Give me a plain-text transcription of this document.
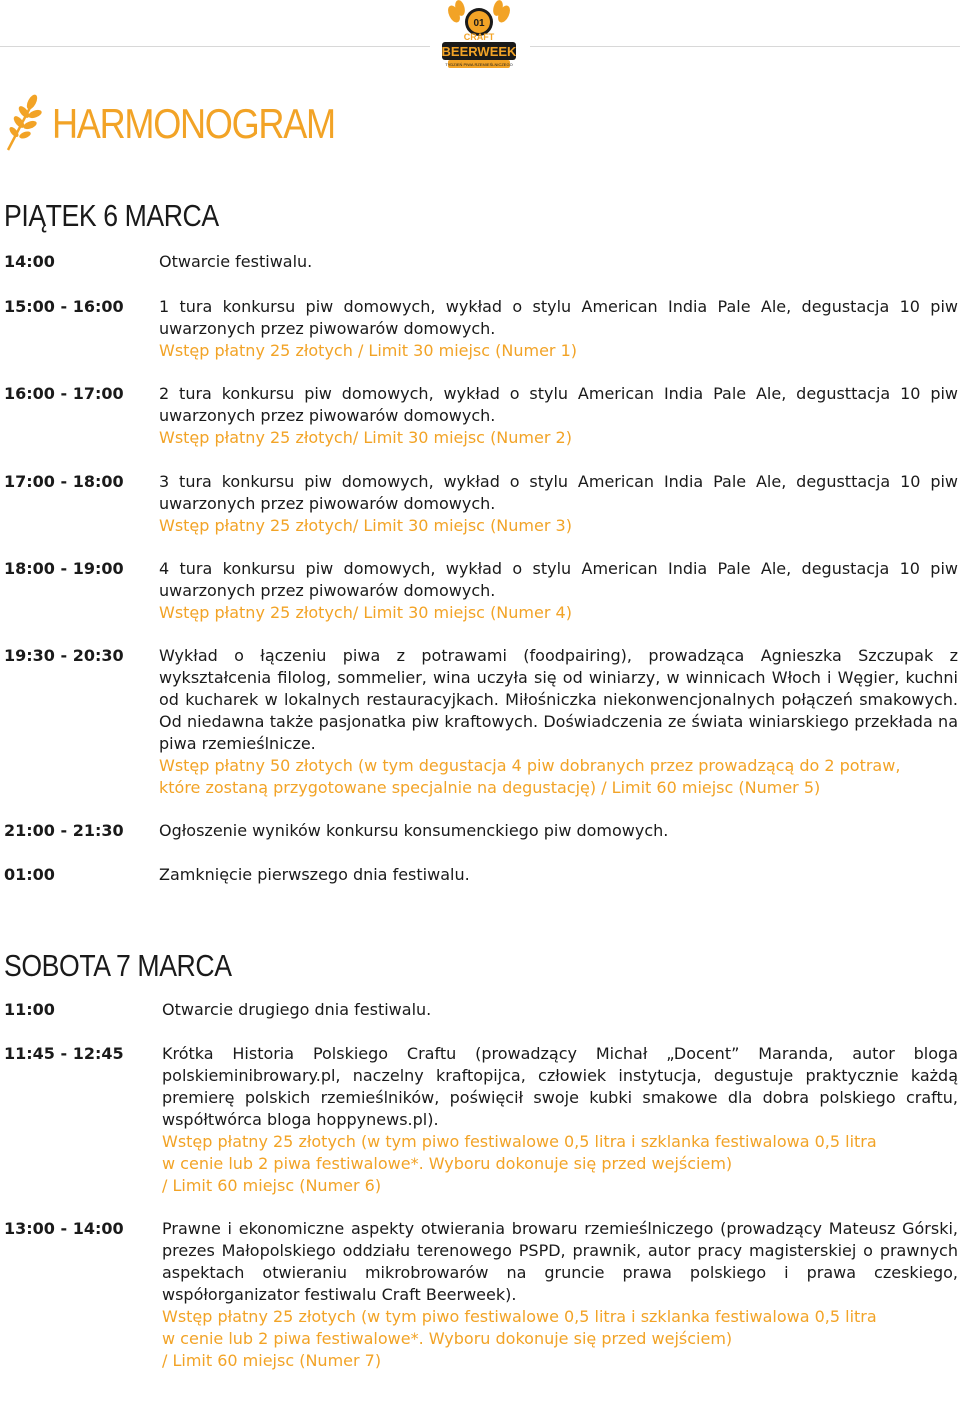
01
CRAFT
BEERWEEK
TYDZIEŃ PIWA RZEMIEŚLNICZEGO
HARMONOGRAM
PIĄTEK 6 MARCA
14:00	Otwarcie festiwalu.

15:00 - 16:00	1 tura konkursu piw domowych, wykład o stylu American India Pale Ale, degustacja 10 piw uwarzonych przez piwowarów domowych.

Wstęp płatny 25 złotych / Limit 30 miejsc (Numer 1)

16:00 - 17:00	2 tura konkursu piw domowych, wykład o stylu American India Pale Ale, degusttacja 10 piw uwarzonych przez piwowarów domowych.

Wstęp płatny 25 złotych/ Limit 30 miejsc (Numer 2)

17:00 - 18:00	3 tura konkursu piw domowych, wykład o stylu American India Pale Ale, degusttacja 10 piw uwarzonych przez piwowarów domowych.

Wstęp płatny 25 złotych/ Limit 30 miejsc (Numer 3)

18:00 - 19:00	4 tura konkursu piw domowych, wykład o stylu American India Pale Ale, degustacja 10 piw uwarzonych przez piwowarów domowych.

Wstęp płatny 25 złotych/ Limit 30 miejsc (Numer 4)

19:30 - 20:30	Wykład o łączeniu piwa z potrawami (foodpairing), prowadząca Agnieszka Szczupak z wykształcenia filolog, sommelier, wina uczyła się od winiarzy, w winnicach Włoch i Węgier, kuchni od kucharek w lokalnych restauracyjkach. Miłośniczka niekonwencjonalnych połączeń smakowych. Od niedawna także pasjonatka piw kraftowych. Doświadczenia ze świata winiarskiego przekłada na piwa rzemieślnicze.

Wstęp płatny 50 złotych (w tym degustacja 4 piw dobranych przez prowadzącą do 2 potraw,

które zostaną przygotowane specjalnie na degustację) / Limit 60 miejsc (Numer 5)

21:00 - 21:30	Ogłoszenie wyników konkursu konsumenckiego piw domowych.

01:00	Zamknięcie pierwszego dnia festiwalu.

SOBOTA 7 MARCA
11:00	Otwarcie drugiego dnia festiwalu.

11:45 - 12:45	Krótka Historia Polskiego Craftu (prowadzący Michał „Docent” Maranda, autor bloga polskieminibrowary.pl, naczelny kraftopijca, człowiek instytucja, degustuje praktycznie każdą premierę polskich rzemieślników, poświęcił swoje kubki smakowe dla dobra polskiego craftu, współtwórca bloga hoppynews.pl).

Wstęp płatny 25 złotych (w tym piwo festiwalowe 0,5 litra i szklanka festiwalowa 0,5 litra

w cenie lub 2 piwa festiwalowe*. Wyboru dokonuje się przed wejściem)

/ Limit 60 miejsc (Numer 6)

13:00 - 14:00	Prawne i ekonomiczne aspekty otwierania browaru rzemieślniczego (prowadzący Mateusz Górski, prezes Małopolskiego oddziału terenowego PSPD, prawnik, autor pracy magisterskiej o prawnych aspektach otwieraniu mikrobrowarów na gruncie prawa polskiego i prawa czeskiego, współorganizator festiwalu Craft Beerweek).

Wstęp płatny 25 złotych (w tym piwo festiwalowe 0,5 litra i szklanka festiwalowa 0,5 litra

w cenie lub 2 piwa festiwalowe*. Wyboru dokonuje się przed wejściem)

/ Limit 60 miejsc (Numer 7)
